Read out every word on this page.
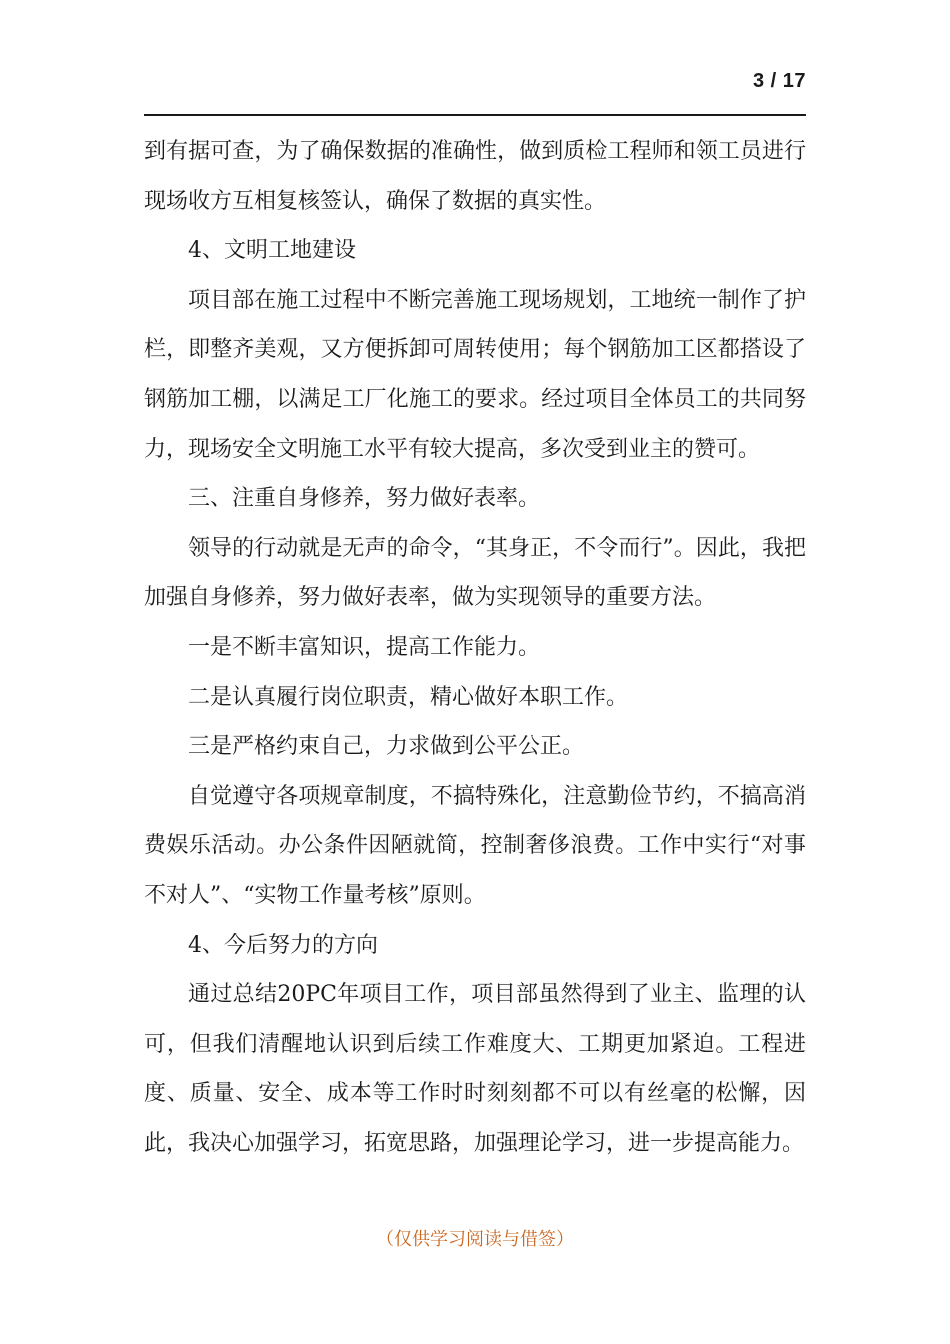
3 / 17

到有据可查，为了确保数据的准确性，做到质检工程师和领工员进行现场收方互相复核签认，确保了数据的真实性。

4、文明工地建设

项目部在施工过程中不断完善施工现场规划，工地统一制作了护栏，即整齐美观，又方便拆卸可周转使用；每个钢筋加工区都搭设了钢筋加工棚，以满足工厂化施工的要求。经过项目全体员工的共同努力，现场安全文明施工水平有较大提高，多次受到业主的赞可。

三、注重自身修养，努力做好表率。

领导的行动就是无声的命令，“其身正，不令而行”。因此，我把加强自身修养，努力做好表率，做为实现领导的重要方法。

一是不断丰富知识，提高工作能力。

二是认真履行岗位职责，精心做好本职工作。

三是严格约束自己，力求做到公平公正。

自觉遵守各项规章制度，不搞特殊化，注意勤俭节约，不搞高消费娱乐活动。办公条件因陋就简，控制奢侈浪费。工作中实行“对事不对人”、“实物工作量考核”原则。

4、今后努力的方向

通过总结20PC年项目工作，项目部虽然得到了业主、监理的认可，但我们清醒地认识到后续工作难度大、工期更加紧迫。工程进度、质量、安全、成本等工作时时刻刻都不可以有丝毫的松懈，因此，我决心加强学习，拓宽思路，加强理论学习，进一步提高能力。

（仅供学习阅读与借签）
